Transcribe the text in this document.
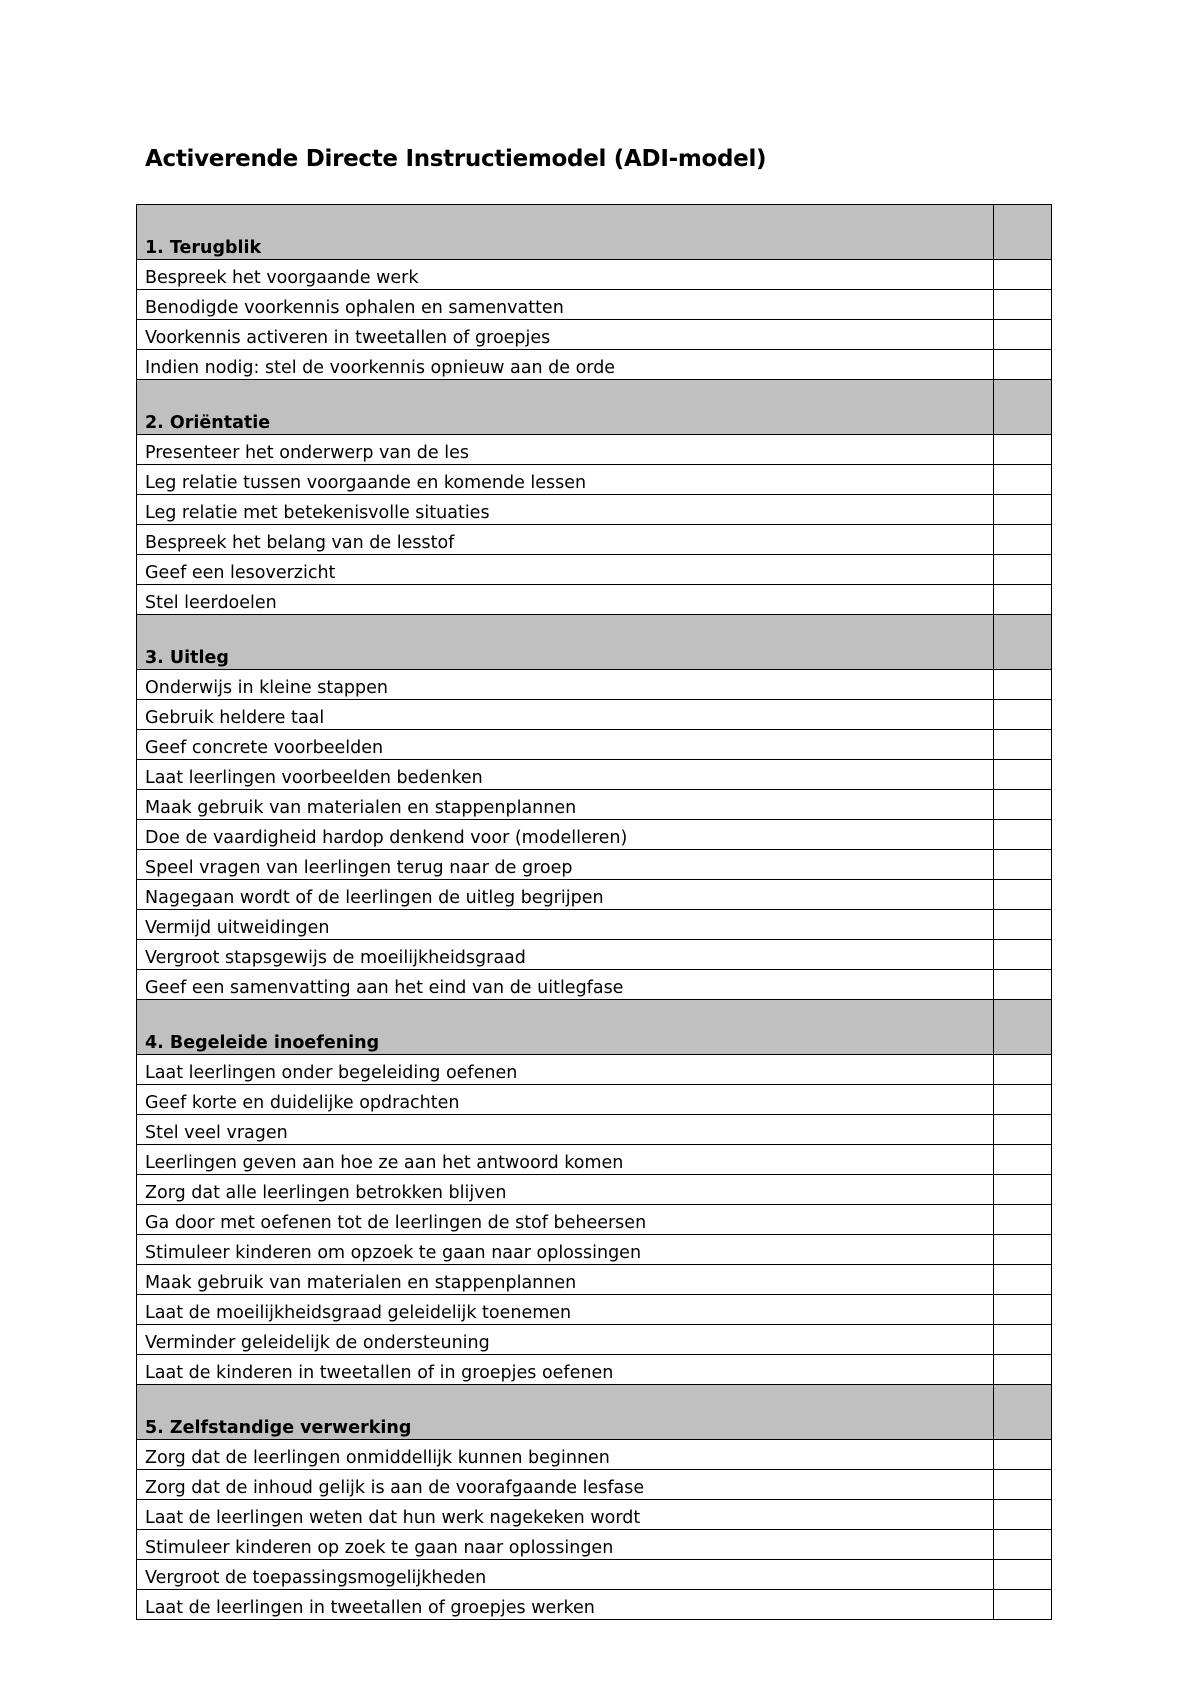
Activerende Directe Instructiemodel (ADI-model)
1. Terugblik	
Bespreek het voorgaande werk	
Benodigde voorkennis ophalen en samenvatten	
Voorkennis activeren in tweetallen of groepjes	
Indien nodig: stel de voorkennis opnieuw aan de orde	
2. Oriëntatie	
Presenteer het onderwerp van de les	
Leg relatie tussen voorgaande en komende lessen	
Leg relatie met betekenisvolle situaties	
Bespreek het belang van de lesstof	
Geef een lesoverzicht	
Stel leerdoelen	
3. Uitleg	
Onderwijs in kleine stappen	
Gebruik heldere taal	
Geef concrete voorbeelden	
Laat leerlingen voorbeelden bedenken	
Maak gebruik van materialen en stappenplannen	
Doe de vaardigheid hardop denkend voor (modelleren)	
Speel vragen van leerlingen terug naar de groep	
Nagegaan wordt of de leerlingen de uitleg begrijpen	
Vermijd uitweidingen	
Vergroot stapsgewijs de moeilijkheidsgraad	
Geef een samenvatting aan het eind van de uitlegfase	
4. Begeleide inoefening	
Laat leerlingen onder begeleiding oefenen	
Geef korte en duidelijke opdrachten	
Stel veel vragen	
Leerlingen geven aan hoe ze aan het antwoord komen	
Zorg dat alle leerlingen betrokken blijven	
Ga door met oefenen tot de leerlingen de stof beheersen	
Stimuleer kinderen om opzoek te gaan naar oplossingen	
Maak gebruik van materialen en stappenplannen	
Laat de moeilijkheidsgraad geleidelijk toenemen	
Verminder geleidelijk de ondersteuning	
Laat de kinderen in tweetallen of in groepjes oefenen	
5. Zelfstandige verwerking	
Zorg dat de leerlingen onmiddellijk kunnen beginnen	
Zorg dat de inhoud gelijk is aan de voorafgaande lesfase	
Laat de leerlingen weten dat hun werk nagekeken wordt	
Stimuleer kinderen op zoek te gaan naar oplossingen	
Vergroot de toepassingsmogelijkheden	
Laat de leerlingen in tweetallen of groepjes werken	
